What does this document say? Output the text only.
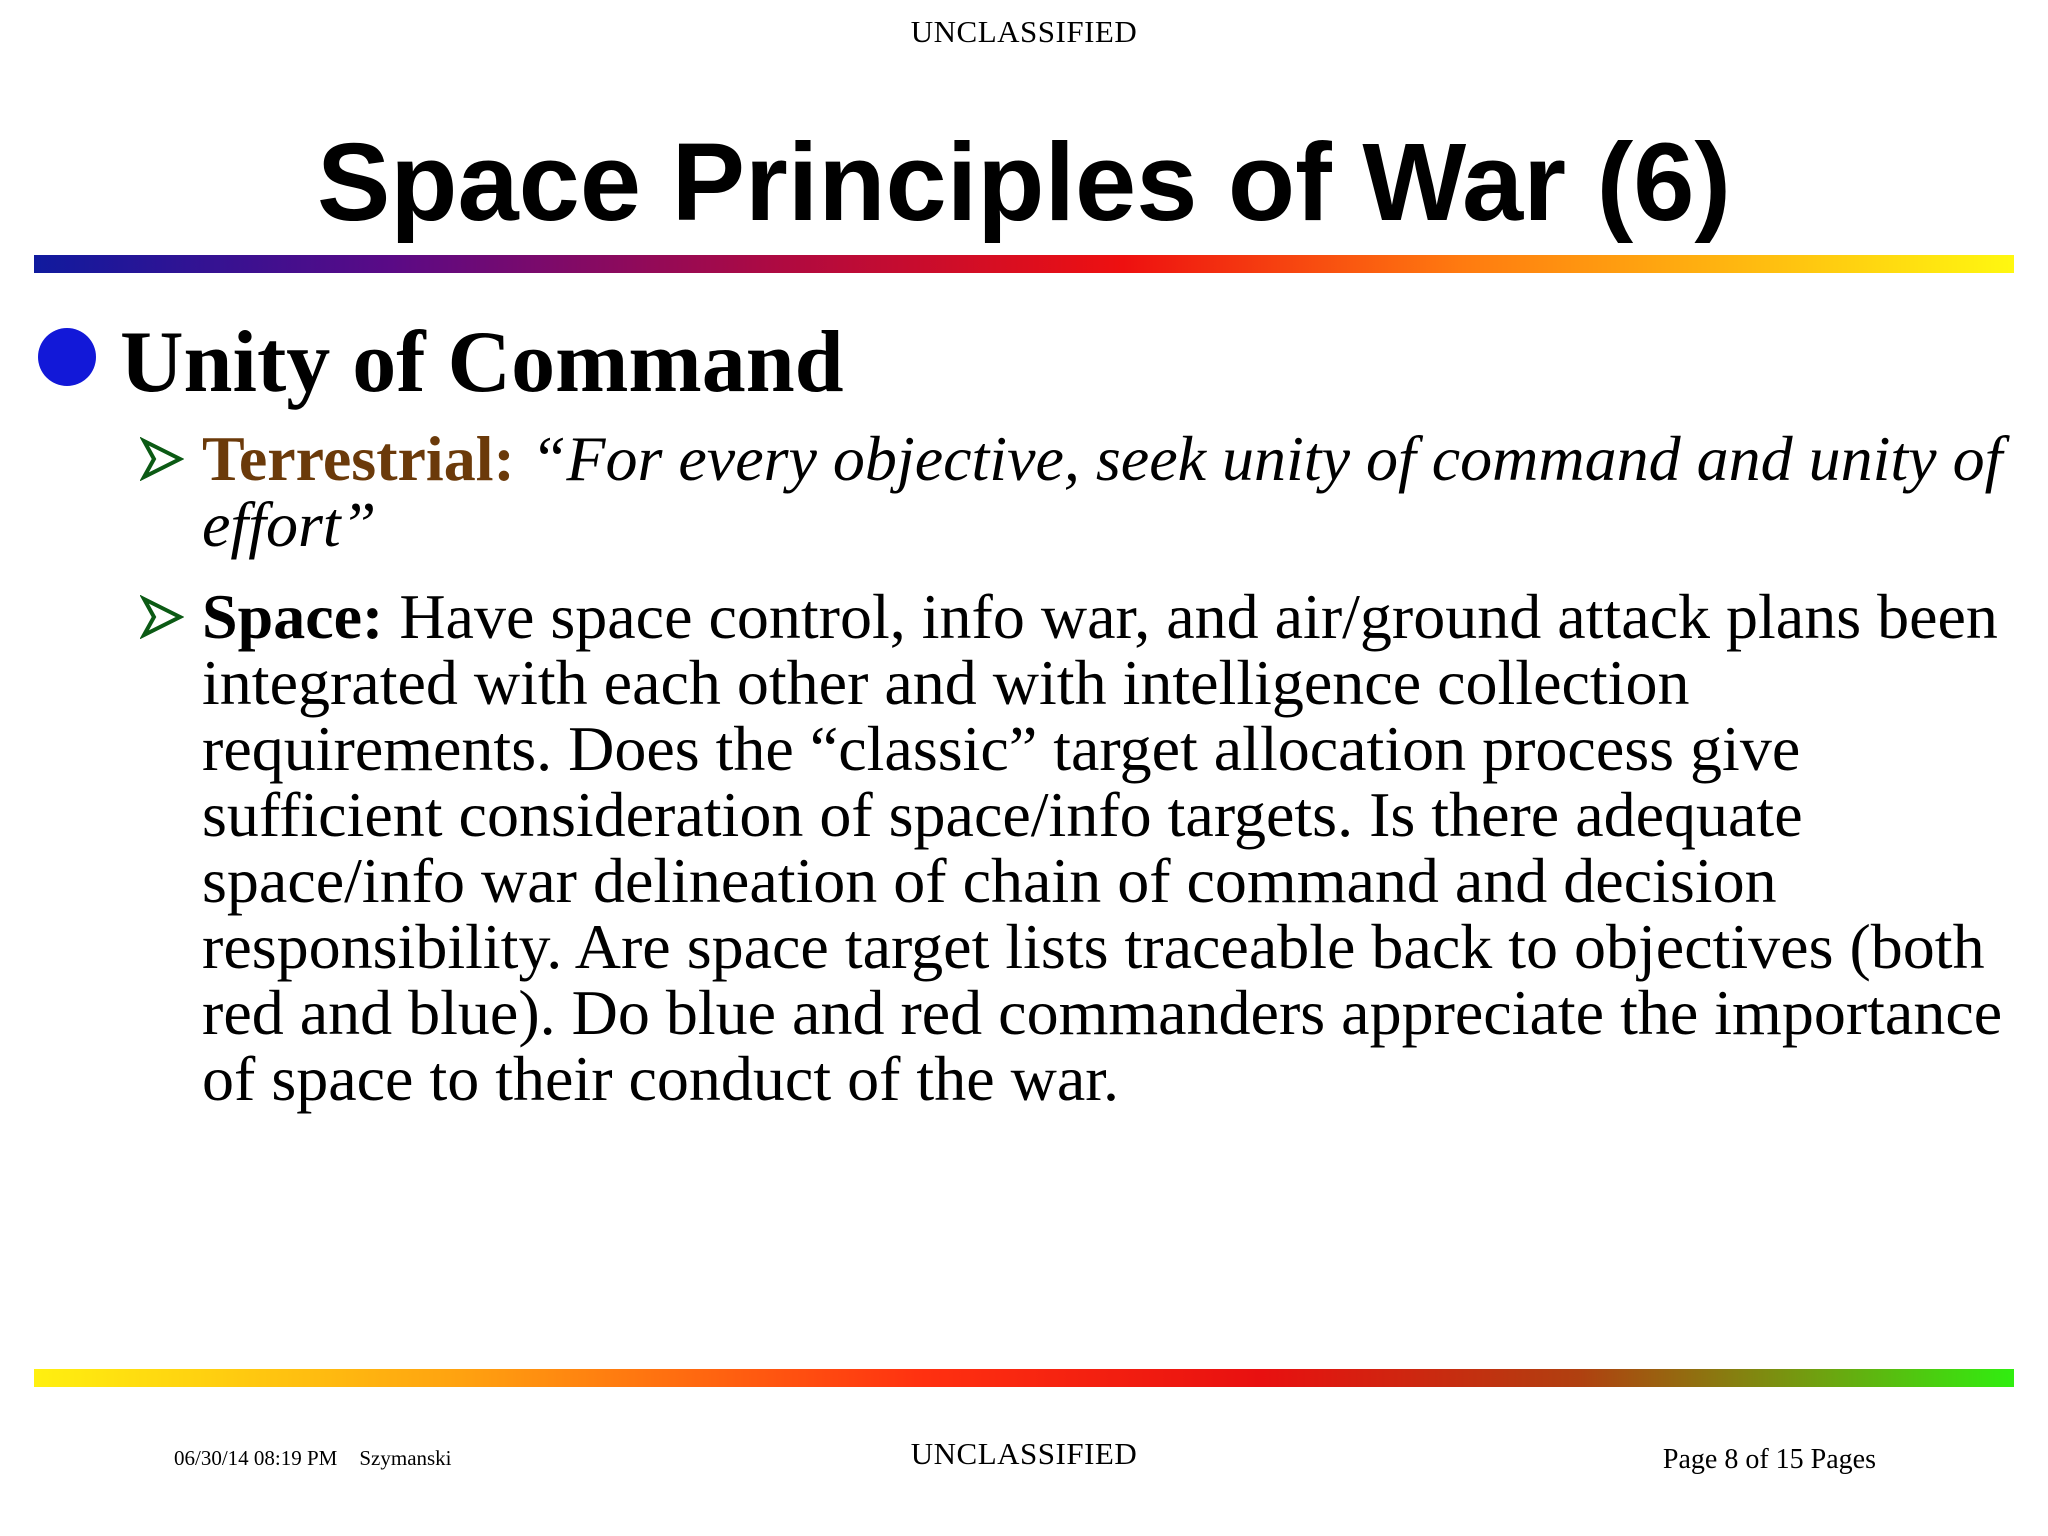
UNCLASSIFIED
Space Principles of War (6)
Unity of Command
Terrestrial: “For every objective, seek unity of command and unity of effort”
Space: Have space control, info war, and air/ground attack plans been integrated with each other and with intelligence collection requirements. Does the “classic” target allocation process give sufficient consideration of space/info targets. Is there adequate space/info war delineation of chain of command and decision responsibility. Are space target lists traceable back to objectives (both red and blue). Do blue and red commanders appreciate the importance of space to their conduct of the war.
06/30/14 08:19 PM Szymanski	UNCLASSIFIED	Page 8 of 15 Pages
